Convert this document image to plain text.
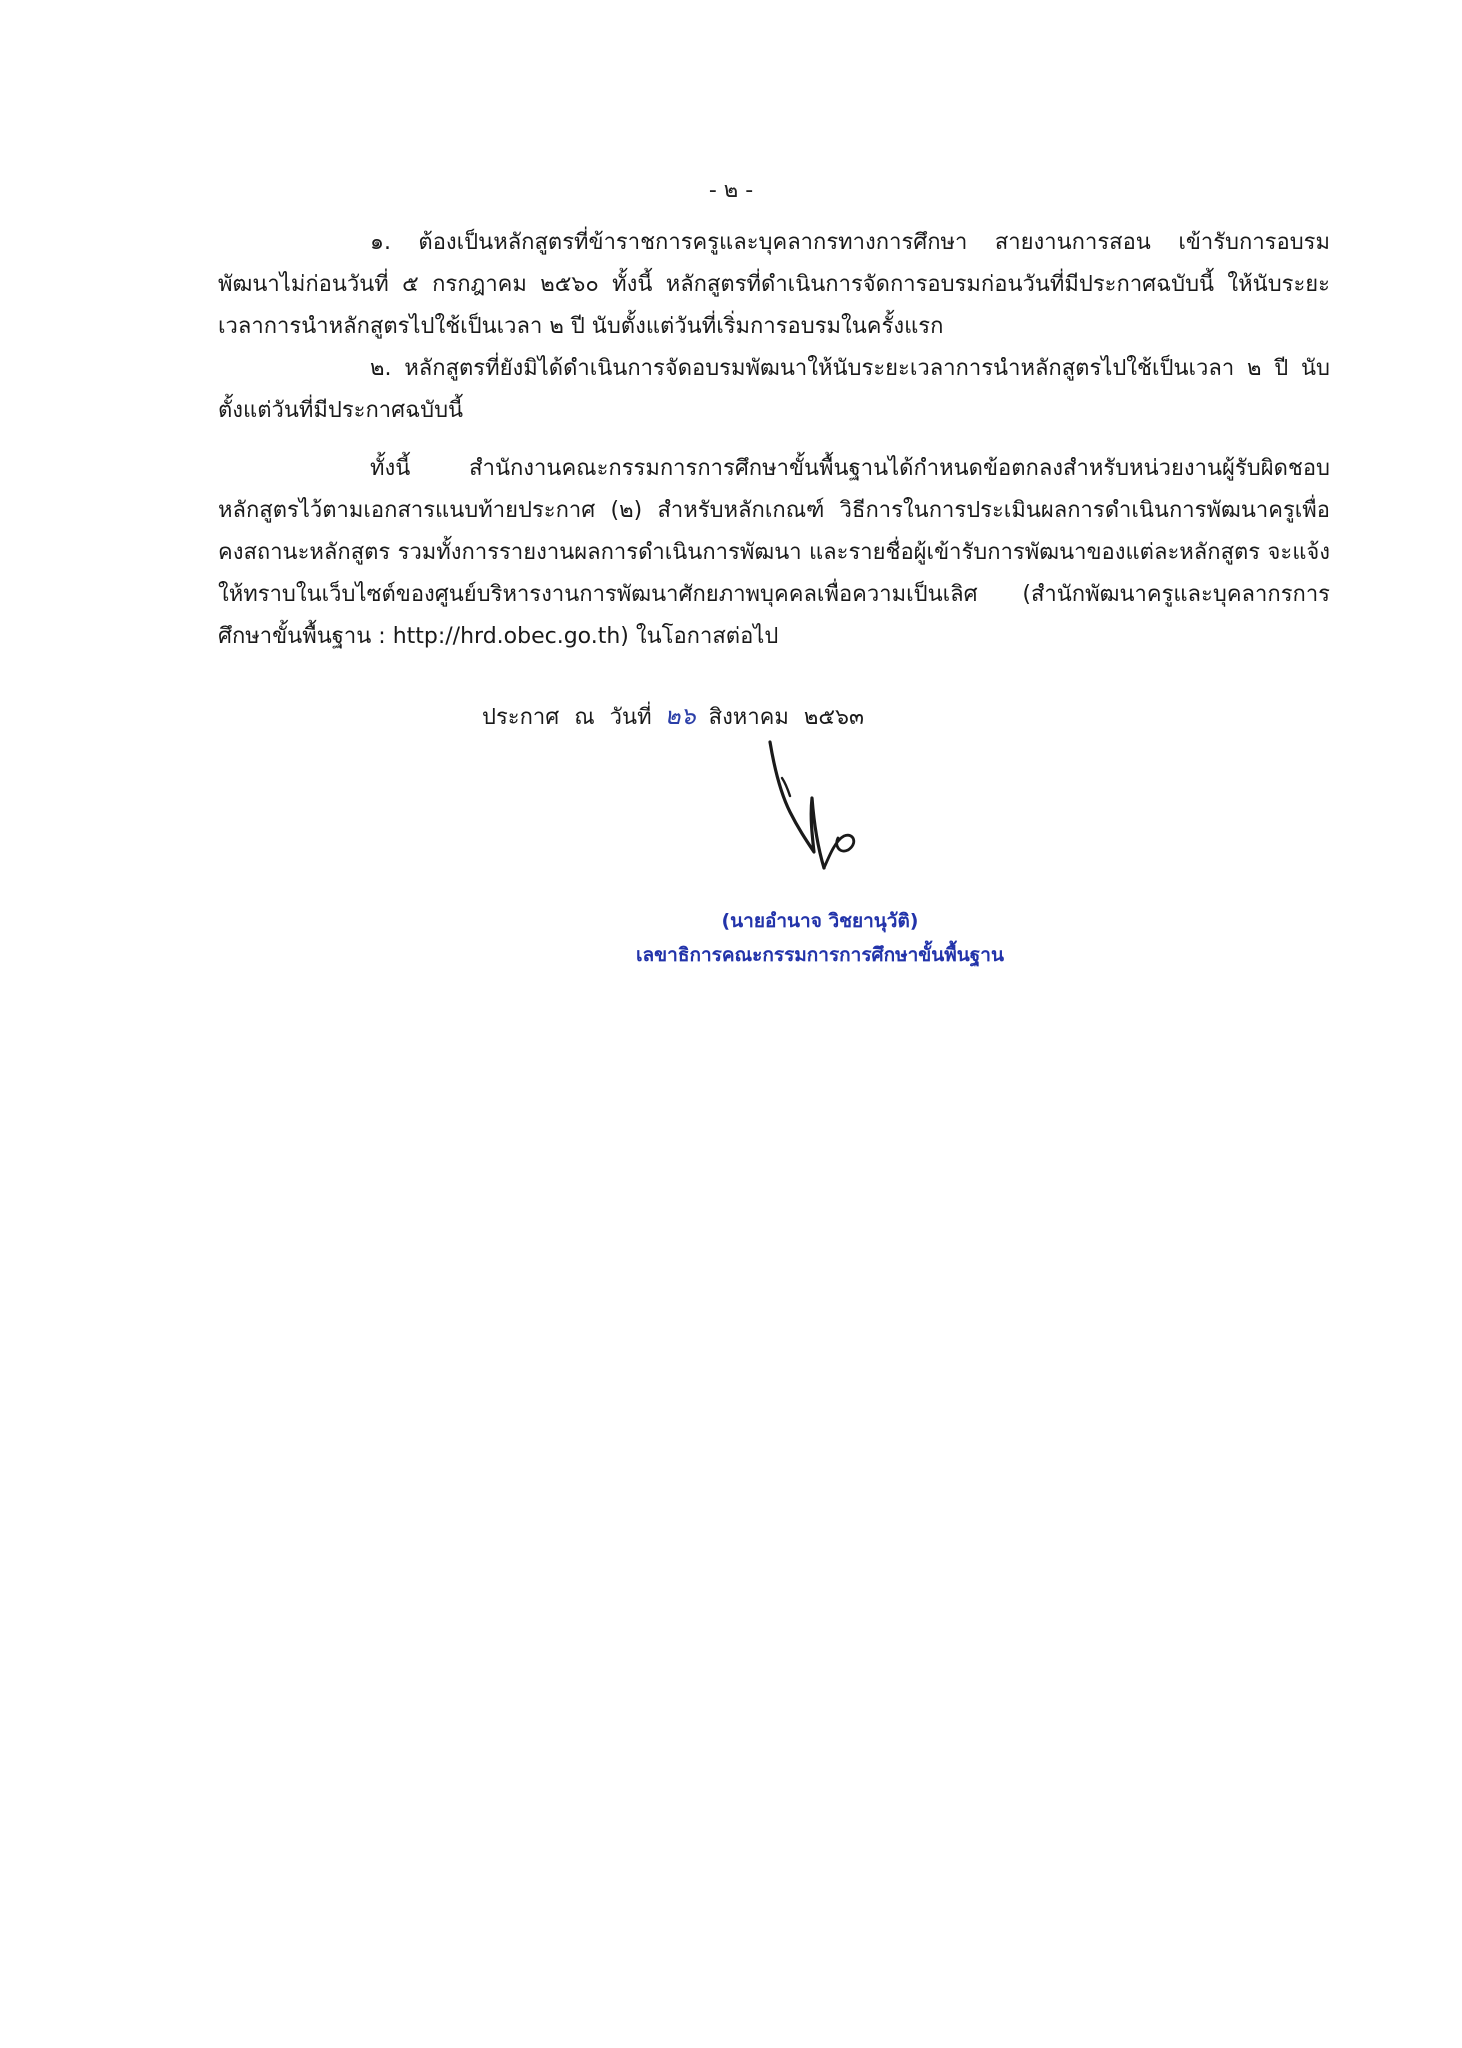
- ๒ -

๑. ต้องเป็นหลักสูตรที่ข้าราชการครูและบุคลากรทางการศึกษา สายงานการสอน เข้ารับการอบรมพัฒนาไม่ก่อนวันที่ ๕ กรกฎาคม ๒๕๖๐ ทั้งนี้ หลักสูตรที่ดำเนินการจัดการอบรมก่อนวันที่มีประกาศฉบับนี้ ให้นับระยะเวลาการนำหลักสูตรไปใช้เป็นเวลา ๒ ปี นับตั้งแต่วันที่เริ่มการอบรมในครั้งแรก

๒. หลักสูตรที่ยังมิได้ดำเนินการจัดอบรมพัฒนาให้นับระยะเวลาการนำหลักสูตรไปใช้เป็นเวลา ๒ ปี นับตั้งแต่วันที่มีประกาศฉบับนี้

ทั้งนี้ สำนักงานคณะกรรมการการศึกษาขั้นพื้นฐานได้กำหนดข้อตกลงสำหรับหน่วยงานผู้รับผิดชอบหลักสูตรไว้ตามเอกสารแนบท้ายประกาศ (๒) สำหรับหลักเกณฑ์ วิธีการในการประเมินผลการดำเนินการพัฒนาครูเพื่อคงสถานะหลักสูตร รวมทั้งการรายงานผลการดำเนินการพัฒนา และรายชื่อผู้เข้ารับการพัฒนาของแต่ละหลักสูตร จะแจ้งให้ทราบในเว็บไซต์ของศูนย์บริหารงานการพัฒนาศักยภาพบุคคลเพื่อความเป็นเลิศ (สำนักพัฒนาครูและบุคลากรการศึกษาขั้นพื้นฐาน : http://hrd.obec.go.th) ในโอกาสต่อไป

ประกาศ ณ วันที่ ๒๖ สิงหาคม ๒๕๖๓
(นายอำนาจ วิชยานุวัติ)
เลขาธิการคณะกรรมการการศึกษาขั้นพื้นฐาน
